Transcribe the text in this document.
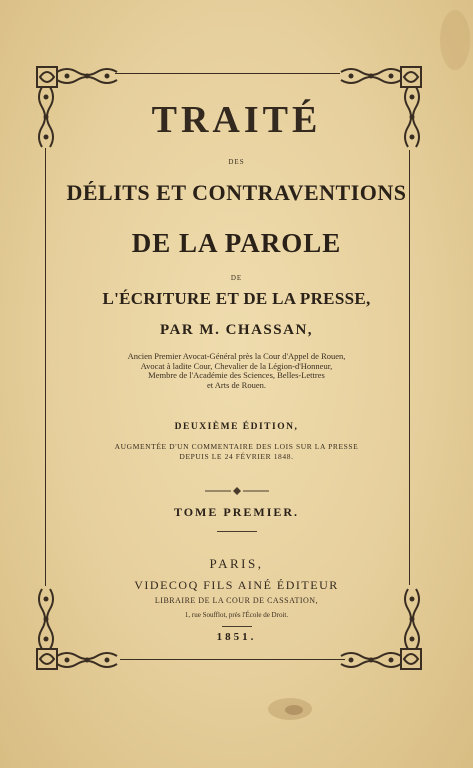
TRAITÉ
DES
DÉLITS ET CONTRAVENTIONS
DE LA PAROLE
DE
L'ÉCRITURE ET DE LA PRESSE,
PAR M. CHASSAN,
Ancien Premier Avocat-Général près la Cour d'Appel de Rouen,
Avocat à ladite Cour, Chevalier de la Légion-d'Honneur,
Membre de l'Académie des Sciences, Belles-Lettres
et Arts de Rouen.
DEUXIÈME ÉDITION,
AUGMENTÉE D'UN COMMENTAIRE DES LOIS SUR LA PRESSE
DEPUIS LE 24 FÉVRIER 1848.
TOME PREMIER.
PARIS,
VIDECOQ FILS AINÉ ÉDITEUR
LIBRAIRE DE LA COUR DE CASSATION,
1, rue Soufflot, près l'École de Droit.
1851.
